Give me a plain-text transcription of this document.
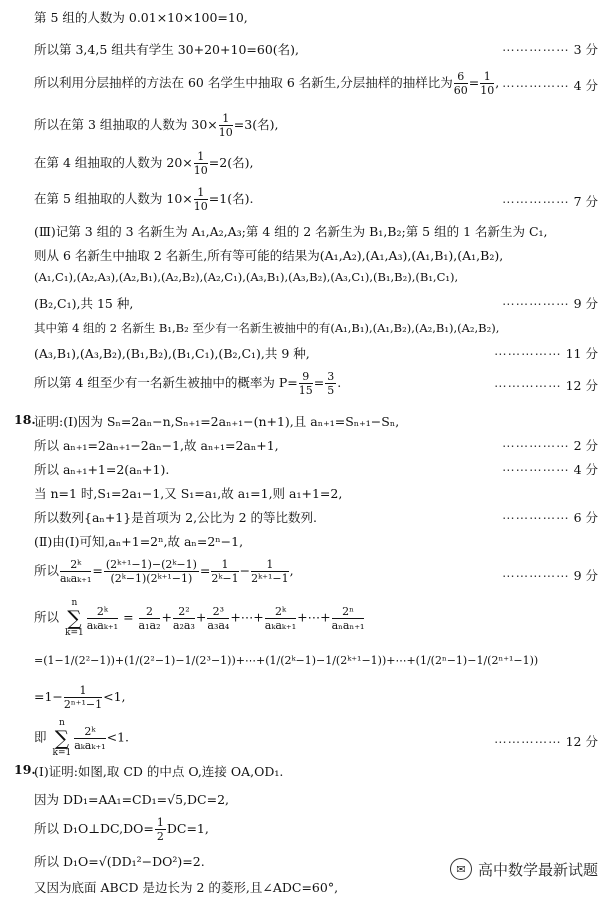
第 5 组的人数为 0.01×10×100=10,
所以第 3,4,5 组共有学生 30+20+10=60(名),	⋯⋯⋯⋯⋯ 3 分
所以利用分层抽样的方法在 60 名学生中抽取 6 名新生,分层抽样的抽样比为 $\frac{6}{60} = \frac{1}{10}$ , ⋯⋯⋯⋯⋯ 4 分
所以在第 3 组抽取的人数为 $30\times \frac{1}{10} =3$(名),
在第 4 组抽取的人数为 $20\times \frac{1}{10} =2$(名),
在第 5 组抽取的人数为 $10\times \frac{1}{10} =1$(名).	⋯⋯⋯⋯⋯ 7 分
(Ⅲ)记第 3 组的 3 名新生为 A₁,A₂,A₃;第 4 组的 2 名新生为 B₁,B₂;第 5 组的 1 名新生为 C₁,
则从 6 名新生中抽取 2 名新生,所有等可能的结果为(A₁,A₂),(A₁,A₃),(A₁,B₁),(A₁,B₂),
(A₁,C₁),(A₂,A₃),(A₂,B₁),(A₂,B₂),(A₂,C₁),(A₃,B₁),(A₃,B₂),(A₃,C₁),(B₁,B₂),(B₁,C₁),
(B₂,C₁),共 15 种,	⋯⋯⋯⋯⋯ 9 分
其中第 4 组的 2 名新生 B₁,B₂ 至少有一名新生被抽中的有(A₁,B₁),(A₁,B₂),(A₂,B₁),(A₂,B₂),
(A₃,B₁),(A₃,B₂),(B₁,B₂),(B₁,C₁),(B₂,C₁),共 9 种,	⋯⋯⋯⋯⋯ 11 分
所以第 4 组至少有一名新生被抽中的概率为 $P= \frac{9}{15} = \frac{3}{5}$ .	⋯⋯⋯⋯⋯ 12 分
18.
证明:(Ⅰ)因为 Sₙ=2aₙ−n,Sₙ₊₁=2aₙ₊₁−(n+1),且 aₙ₊₁=Sₙ₊₁−Sₙ,
所以 aₙ₊₁=2aₙ₊₁−2aₙ−1,故 aₙ₊₁=2aₙ+1,	⋯⋯⋯⋯⋯ 2 分
所以 aₙ₊₁+1=2(aₙ+1).	⋯⋯⋯⋯⋯ 4 分
当 n=1 时,S₁=2a₁−1,又 S₁=a₁,故 a₁=1,则 a₁+1=2,
所以数列{aₙ+1}是首项为 2,公比为 2 的等比数列.	⋯⋯⋯⋯⋯ 6 分
(Ⅱ)由(Ⅰ)可知,aₙ+1=2ⁿ,故 aₙ=2ⁿ−1,
所以	2ᵏ
aₖaₖ₊₁
= $\frac{\text{(2ᵏ⁺¹−1)−(2ᵏ−1)}}{\text{(2ᵏ−1)(2ᵏ⁺¹−1)}} = \frac{1}{\text{2ᵏ−1}} - \frac{1}{\text{2ᵏ⁺¹−1}}$ ,	⋯⋯⋯⋯⋯ 9 分
所以
n
∑
k=1
2ᵏ
aₖaₖ₊₁
= $\frac{2}{\text{a₁a₂}} + \frac{\text{2²}}{\text{a₂a₃}} + \frac{\text{2³}}{\text{a₃a₄}}$ +⋯+	2ᵏ
aₖaₖ₊₁
+⋯+	2ⁿ
aₙaₙ₊₁
=(1−1/(2²−1))+(1/(2²−1)−1/(2³−1))+⋯+(1/(2ᵏ−1)−1/(2ᵏ⁺¹−1))+⋯+(1/(2ⁿ−1)−1/(2ⁿ⁺¹−1))
$=1- \frac{1}{\text{2ⁿ⁺¹−1}} <1$,
即
n
∑
k=1
2ᵏ
aₖaₖ₊₁
<1.	⋯⋯⋯⋯⋯ 12 分
19.
(Ⅰ)证明:如图,取 CD 的中点 O,连接 OA,OD₁.
因为 DD₁=AA₁=CD₁=√5,DC=2,
所以 D₁O⊥DC,DO= $\frac{1}{2} DC=1$,
所以 D₁O=√(DD₁²−DO²)=2.
又因为底面 ABCD 是边长为 2 的菱形,且∠ADC=60°,
✉ 高中数学最新试题
